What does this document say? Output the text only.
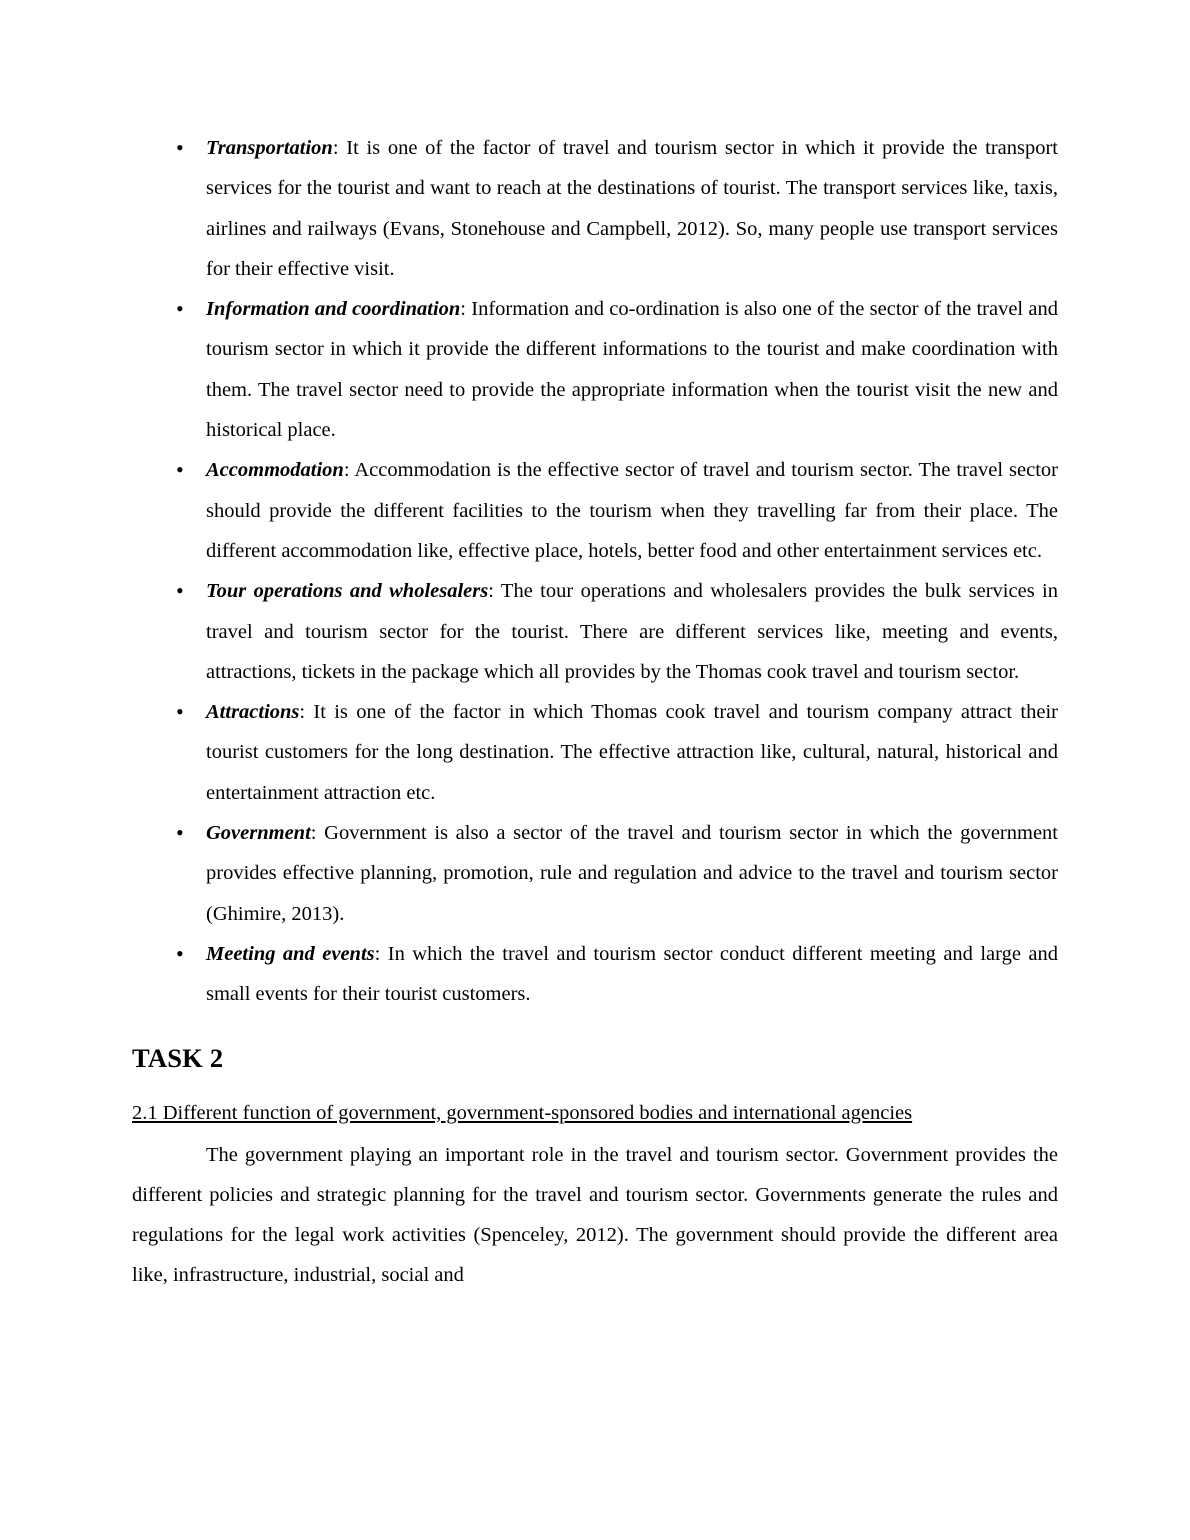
• Transportation: It is one of the factor of travel and tourism sector in which it provide the transport services for the tourist and want to reach at the destinations of tourist. The transport services like, taxis, airlines and railways (Evans, Stonehouse and Campbell, 2012). So, many people use transport services for their effective visit.
• Information and coordination: Information and co-ordination is also one of the sector of the travel and tourism sector in which it provide the different informations to the tourist and make coordination with them. The travel sector need to provide the appropriate information when the tourist visit the new and historical place.
• Accommodation: Accommodation is the effective sector of travel and tourism sector. The travel sector should provide the different facilities to the tourism when they travelling far from their place. The different accommodation like, effective place, hotels, better food and other entertainment services etc.
• Tour operations and wholesalers: The tour operations and wholesalers provides the bulk services in travel and tourism sector for the tourist. There are different services like, meeting and events, attractions, tickets in the package which all provides by the Thomas cook travel and tourism sector.
• Attractions: It is one of the factor in which Thomas cook travel and tourism company attract their tourist customers for the long destination. The effective attraction like, cultural, natural, historical and entertainment attraction etc.
• Government: Government is also a sector of the travel and tourism sector in which the government provides effective planning, promotion, rule and regulation and advice to the travel and tourism sector (Ghimire, 2013).
• Meeting and events: In which the travel and tourism sector conduct different meeting and large and small events for their tourist customers.
TASK 2
2.1 Different function of government, government-sponsored bodies and international agencies

The government playing an important role in the travel and tourism sector. Government provides the different policies and strategic planning for the travel and tourism sector. Governments generate the rules and regulations for the legal work activities (Spenceley, 2012). The government should provide the different area like, infrastructure, industrial, social and
